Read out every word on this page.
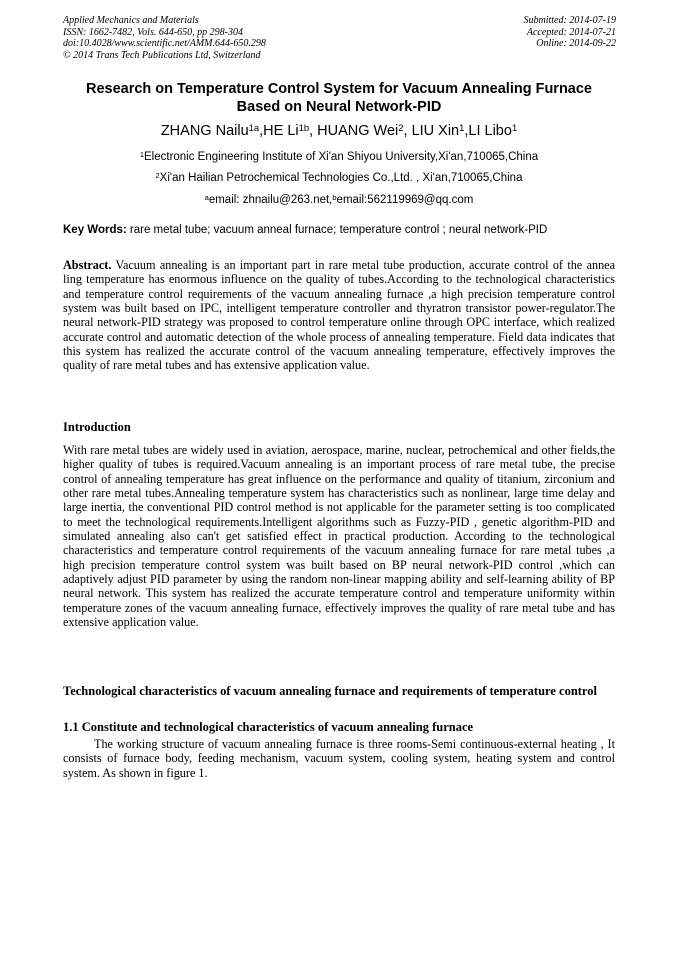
Applied Mechanics and Materials
ISSN: 1662-7482, Vols. 644-650, pp 298-304
doi:10.4028/www.scientific.net/AMM.644-650.298
© 2014 Trans Tech Publications Ltd, Switzerland
Submitted: 2014-07-19
Accepted: 2014-07-21
Online: 2014-09-22
Research on Temperature Control System for Vacuum Annealing Furnace Based on Neural Network-PID
ZHANG Nailu$^{1a}$,HE $Li^{1b}$, HUANG Wei$^2$, LIU Xin$^1$,LI Libo$^1$
$^1$Electronic Engineering Institute of Xi'an Shiyou University,Xi'an,710065,China
$^2$Xi'an Hailian Petrochemical Technologies Co.,Ltd. , Xi'an,710065,China
$^a$email: zhnailu@263.net,$^b$email:562119969@qq.com
Key Words: rare metal tube; vacuum anneal furnace; temperature control ; neural network-PID
Abstract. Vacuum annealing is an important part in rare metal tube production, accurate control of the annea ling temperature has enormous influence on the quality of tubes.According to the technological characteristics and temperature control requirements of the vacuum annealing furnace ,a high precision temperature control system was built based on IPC, intelligent temperature controller and thyratron transistor power-regulator.The neural network-PID strategy was proposed to control temperature online through OPC interface, which realized accurate control and automatic detection of the whole process of annealing temperature. Field data indicates that this system has realized the accurate control of the vacuum annealing temperature, effectively improves the quality of rare metal tubes and has extensive application value.
Introduction
With rare metal tubes are widely used in aviation, aerospace, marine, nuclear, petrochemical and other fields,the higher quality of tubes is required.Vacuum annealing is an important process of rare metal tube, the precise control of annealing temperature has great influence on the performance and quality of titanium, zirconium and other rare metal tubes.Annealing temperature system has characteristics such as nonlinear, large time delay and large inertia, the conventional PID control method is not applicable for the parameter setting is too complicated to meet the technological requirements.Intelligent algorithms such as Fuzzy-PID , genetic algorithm-PID and simulated annealing also can't get satisfied effect in practical production. According to the technological characteristics and temperature control requirements of the vacuum annealing furnace for rare metal tubes ,a high precision temperature control system was built based on BP neural network-PID control ,which can adaptively adjust PID parameter by using the random non-linear mapping ability and self-learning ability of BP neural network. This system has realized the accurate temperature control and temperature uniformity within temperature zones of the vacuum annealing furnace, effectively improves the quality of rare metal tube and has extensive application value.
Technological characteristics of vacuum annealing furnace and requirements of temperature control
1.1 Constitute and technological characteristics of vacuum annealing furnace
The working structure of vacuum annealing furnace is three rooms-Semi continuous-external heating , It consists of furnace body, feeding mechanism, vacuum system, cooling system, heating system and control system. As shown in figure 1.
